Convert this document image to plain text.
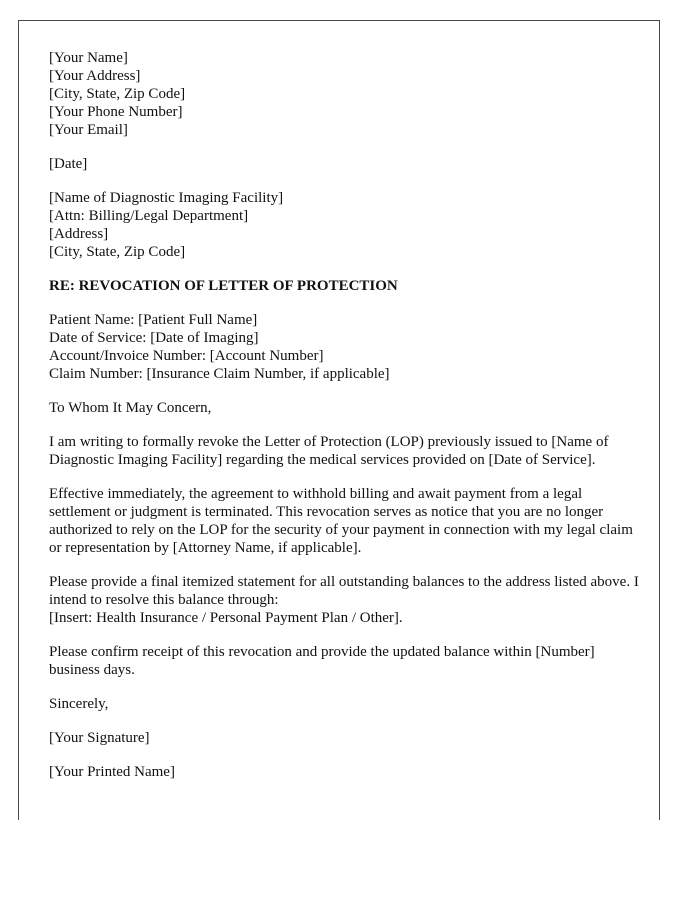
[Your Name]
[Your Address]
[City, State, Zip Code]
[Your Phone Number]
[Your Email]
[Date]
[Name of Diagnostic Imaging Facility]
[Attn: Billing/Legal Department]
[Address]
[City, State, Zip Code]
RE: REVOCATION OF LETTER OF PROTECTION
Patient Name: [Patient Full Name]
Date of Service: [Date of Imaging]
Account/Invoice Number: [Account Number]
Claim Number: [Insurance Claim Number, if applicable]
To Whom It May Concern,
I am writing to formally revoke the Letter of Protection (LOP) previously issued to [Name of Diagnostic Imaging Facility] regarding the medical services provided on [Date of Service].
Effective immediately, the agreement to withhold billing and await payment from a legal settlement or judgment is terminated. This revocation serves as notice that you are no longer authorized to rely on the LOP for the security of your payment in connection with my legal claim or representation by [Attorney Name, if applicable].
Please provide a final itemized statement for all outstanding balances to the address listed above. I intend to resolve this balance through:
[Insert: Health Insurance / Personal Payment Plan / Other].
Please confirm receipt of this revocation and provide the updated balance within [Number] business days.
Sincerely,
[Your Signature]
[Your Printed Name]
